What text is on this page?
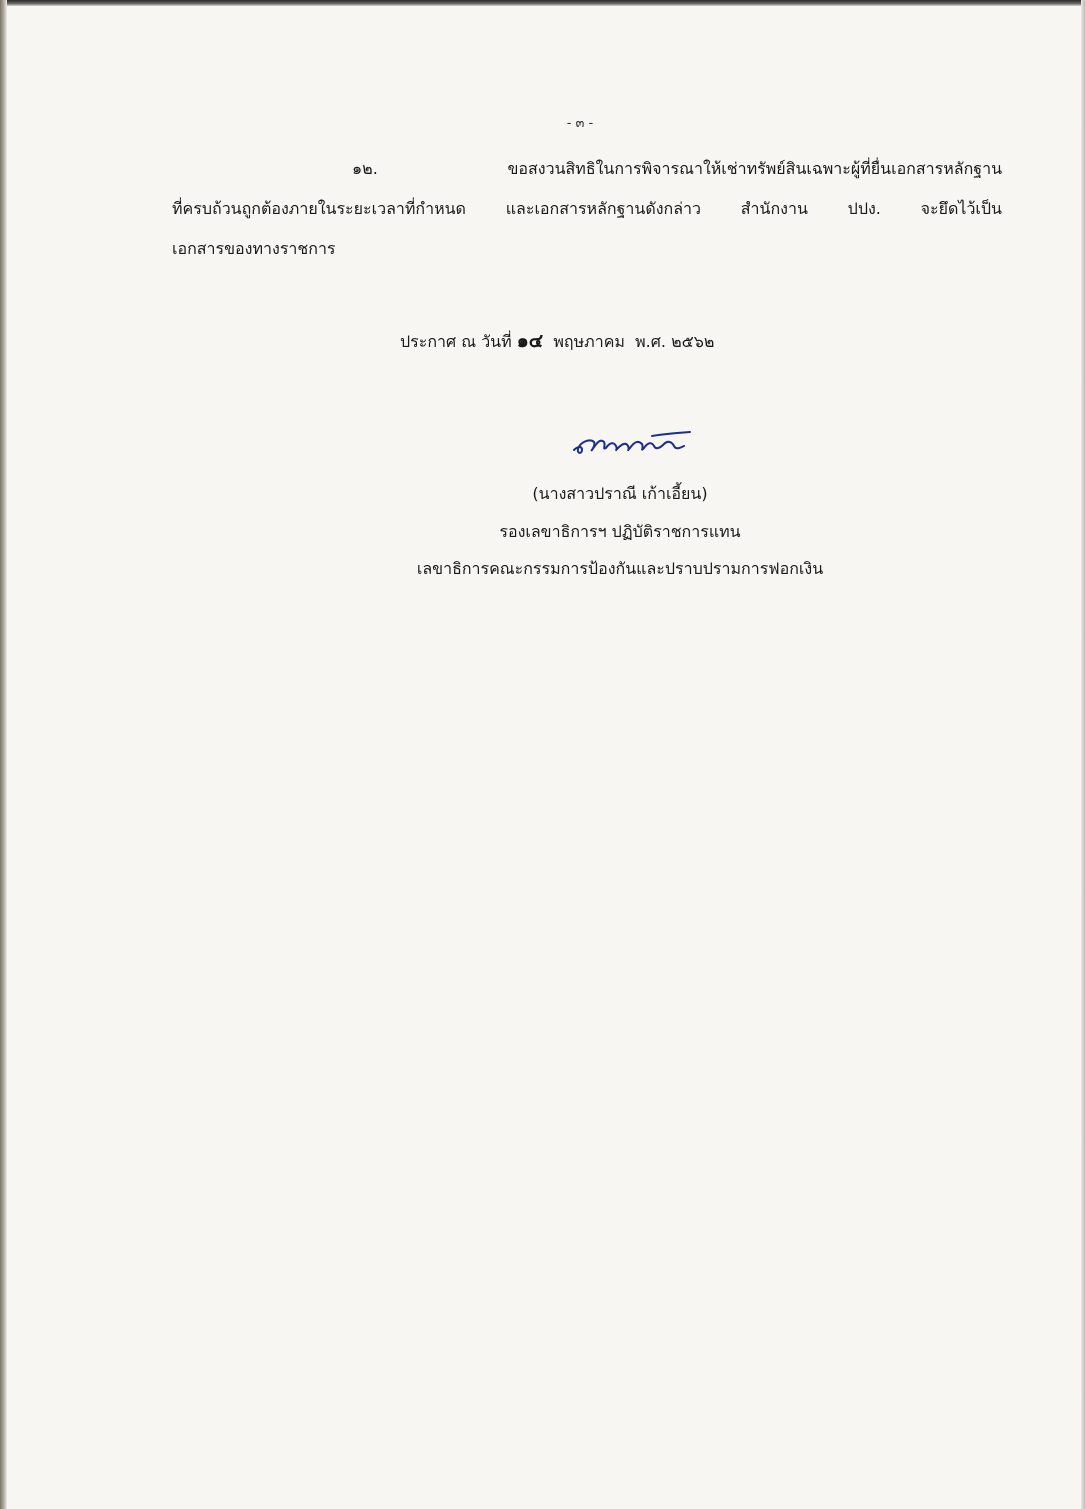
- ๓ -

๑๒. ขอสงวนสิทธิในการพิจารณาให้เช่าทรัพย์สินเฉพาะผู้ที่ยื่นเอกสารหลักฐาน
ที่ครบถ้วนถูกต้องภายในระยะเวลาที่กำหนด และเอกสารหลักฐานดังกล่าว สำนักงาน ปปง. จะยึดไว้เป็น
เอกสารของทางราชการ

ประกาศ ณ วันที่ ๑๔ พฤษภาคม พ.ศ. ๒๕๖๒
(นางสาวปราณี เก้าเอี้ยน)
รองเลขาธิการฯ ปฏิบัติราชการแทน
เลขาธิการคณะกรรมการป้องกันและปราบปรามการฟอกเงิน
